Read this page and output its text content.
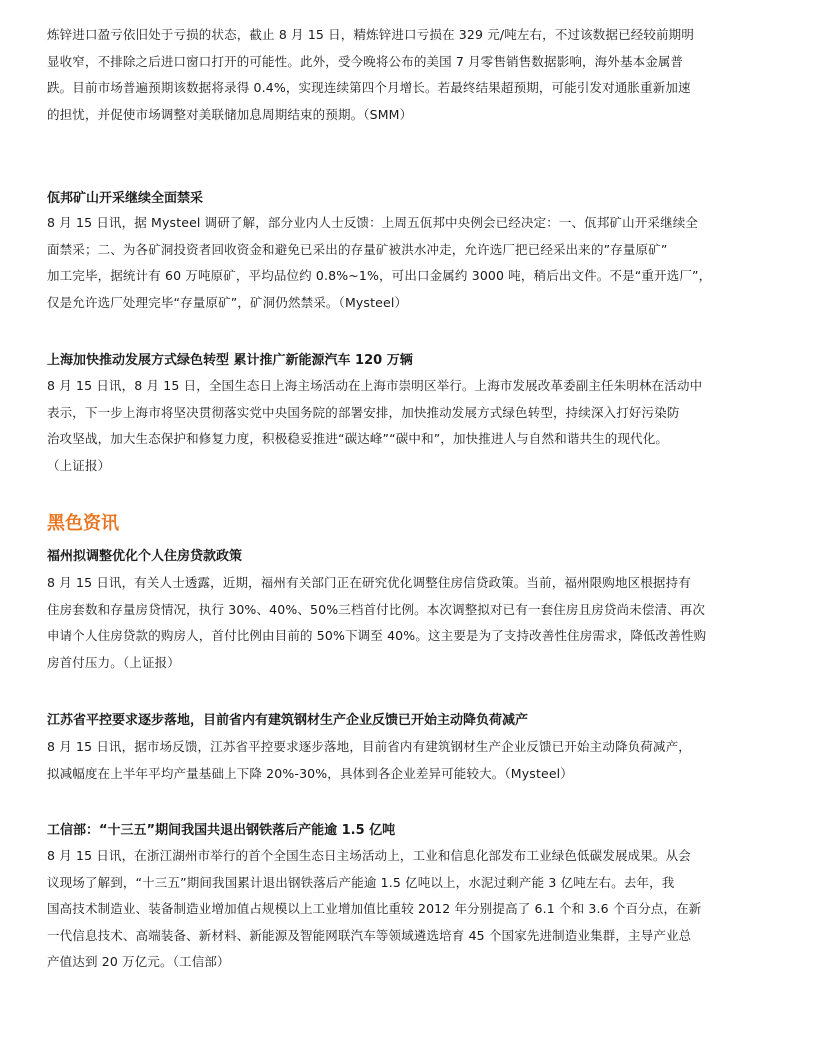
炼锌进口盈亏依旧处于亏损的状态，截止 8 月 15 日，精炼锌进口亏损在 329 元/吨左右，不过该数据已经较前期明
显收窄，不排除之后进口窗口打开的可能性。此外，受今晚将公布的美国 7 月零售销售数据影响，海外基本金属普
跌。目前市场普遍预期该数据将录得 0.4%，实现连续第四个月增长。若最终结果超预期，可能引发对通胀重新加速
的担忧，并促使市场调整对美联储加息周期结束的预期。（SMM）

佤邦矿山开采继续全面禁采

8 月 15 日讯，据 Mysteel 调研了解，部分业内人士反馈：上周五佤邦中央例会已经决定：一、佤邦矿山开采继续全
面禁采；二、为各矿洞投资者回收资金和避免已采出的存量矿被洪水冲走，允许选厂把已经采出来的”存量原矿”
加工完毕，据统计有 60 万吨原矿，平均品位约 0.8%~1%，可出口金属约 3000 吨，稍后出文件。不是“重开选厂”，
仅是允许选厂处理完毕“存量原矿”，矿洞仍然禁采。（Mysteel）

上海加快推动发展方式绿色转型 累计推广新能源汽车 120 万辆

8 月 15 日讯，8 月 15 日，全国生态日上海主场活动在上海市崇明区举行。上海市发展改革委副主任朱明林在活动中
表示，下一步上海市将坚决贯彻落实党中央国务院的部署安排，加快推动发展方式绿色转型，持续深入打好污染防
治攻坚战，加大生态保护和修复力度，积极稳妥推进“碳达峰”“碳中和”，加快推进人与自然和谐共生的现代化。
（上证报）

黑色资讯
福州拟调整优化个人住房贷款政策

8 月 15 日讯，有关人士透露，近期，福州有关部门正在研究优化调整住房信贷政策。当前，福州限购地区根据持有
住房套数和存量房贷情况，执行 30%、40%、50%三档首付比例。本次调整拟对已有一套住房且房贷尚未偿清、再次
申请个人住房贷款的购房人，首付比例由目前的 50%下调至 40%。这主要是为了支持改善性住房需求，降低改善性购
房首付压力。（上证报）

江苏省平控要求逐步落地，目前省内有建筑钢材生产企业反馈已开始主动降负荷减产

8 月 15 日讯，据市场反馈，江苏省平控要求逐步落地，目前省内有建筑钢材生产企业反馈已开始主动降负荷减产，
拟减幅度在上半年平均产量基础上下降 20%-30%，具体到各企业差异可能较大。（Mysteel）

工信部：“十三五”期间我国共退出钢铁落后产能逾 1.5 亿吨

8 月 15 日讯，在浙江湖州市举行的首个全国生态日主场活动上，工业和信息化部发布工业绿色低碳发展成果。从会
议现场了解到，“十三五”期间我国累计退出钢铁落后产能逾 1.5 亿吨以上，水泥过剩产能 3 亿吨左右。去年，我
国高技术制造业、装备制造业增加值占规模以上工业增加值比重较 2012 年分别提高了 6.1 个和 3.6 个百分点，在新
一代信息技术、高端装备、新材料、新能源及智能网联汽车等领域遴选培育 45 个国家先进制造业集群，主导产业总
产值达到 20 万亿元。（工信部）
